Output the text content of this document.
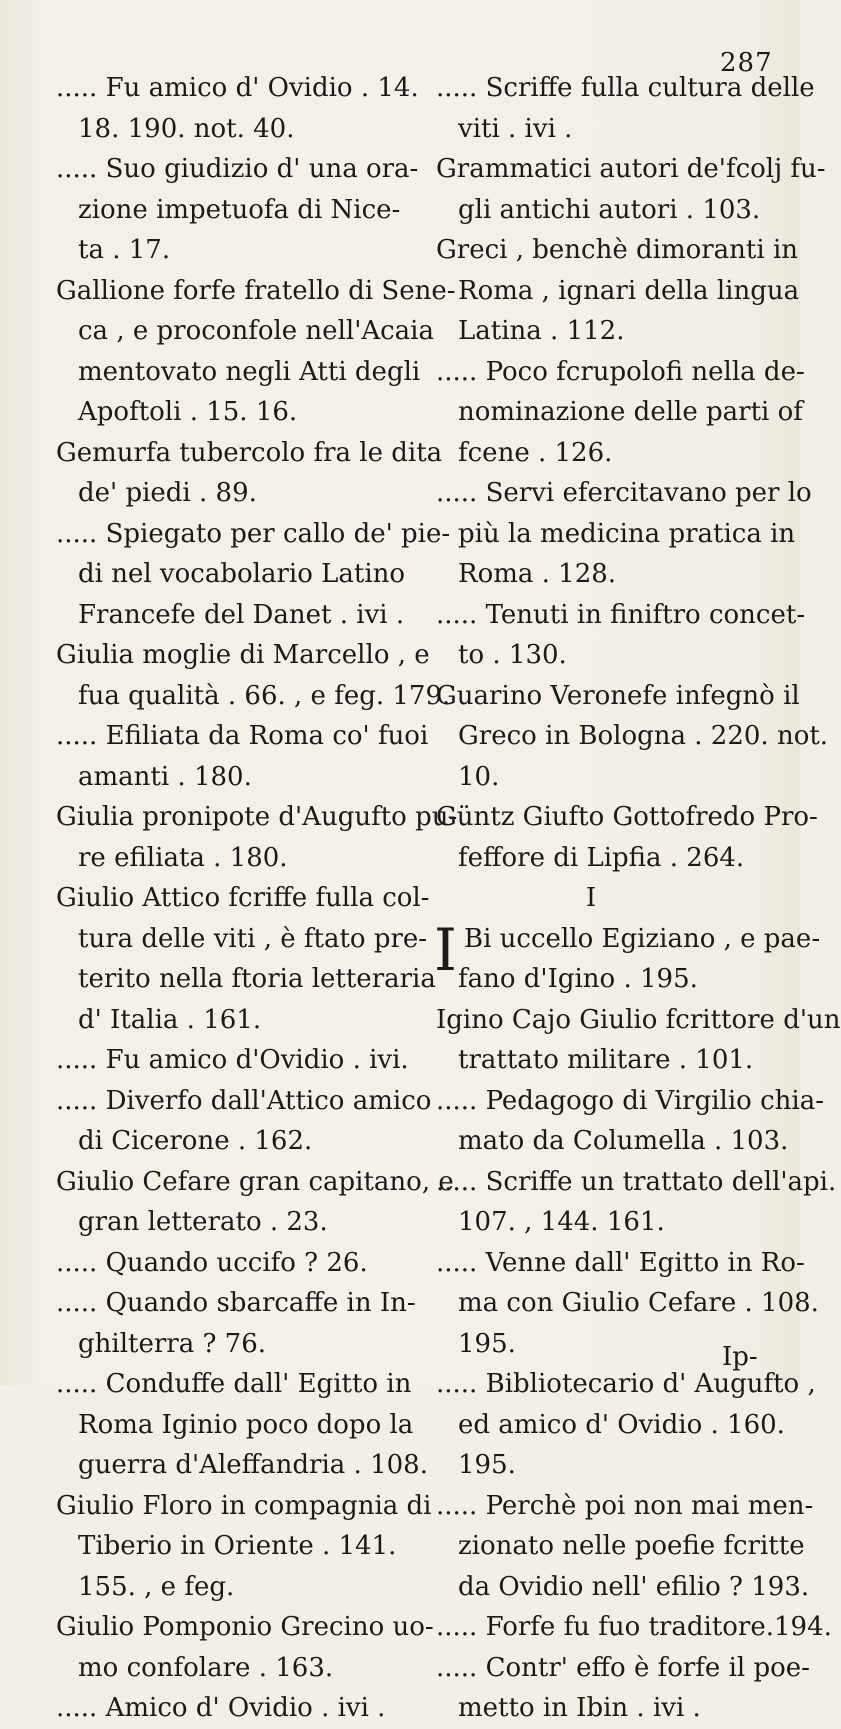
287
..... Fu amico d' Ovidio . 14.
18. 190. not. 40.
..... Suo giudizio d' una ora-
zione impetuofa di Nice-
ta . 17.
Gallione forfe fratello di Sene-
ca , e proconfole nell'Acaia
mentovato negli Atti degli
Apoftoli . 15. 16.
Gemurfa tubercolo fra le dita
de' piedi . 89.
..... Spiegato per callo de' pie-
di nel vocabolario Latino
Francefe del Danet . ivi .
Giulia moglie di Marcello , e
fua qualità . 66. , e feg. 179.
..... Efiliata da Roma co' fuoi
amanti . 180.
Giulia pronipote d'Augufto pu-
re efiliata . 180.
Giulio Attico fcriffe fulla col-
tura delle viti , è ftato pre-
terito nella ftoria letteraria
d' Italia . 161.
..... Fu amico d'Ovidio . ivi.
..... Diverfo dall'Attico amico
di Cicerone . 162.
Giulio Cefare gran capitano, e
gran letterato . 23.
..... Quando uccifo ? 26.
..... Quando sbarcaffe in In-
ghilterra ? 76.
..... Conduffe dall' Egitto in
Roma Iginio poco dopo la
guerra d'Aleffandria . 108.
Giulio Floro in compagnia di
Tiberio in Oriente . 141.
155. , e feg.
Giulio Pomponio Grecino uo-
mo confolare . 163.
..... Amico d' Ovidio . ivi .
..... Scriffe fulla cultura delle
viti . ivi .
Grammatici autori de'fcolj fu-
gli antichi autori . 103.
Greci , benchè dimoranti in
Roma , ignari della lingua
Latina . 112.
..... Poco fcrupolofi nella de-
nominazione delle parti of
fcene . 126.
..... Servi efercitavano per lo
più la medicina pratica in
Roma . 128.
..... Tenuti in finiftro concet-
to . 130.
Guarino Veronefe infegnò il
Greco in Bologna . 220. not.
10.
Güntz Giufto Gottofredo Pro-
feffore di Lipfia . 264.
I
I Bi uccello Egiziano , e pae-
fano d'Igino . 195.
Igino Cajo Giulio fcrittore d'un
trattato militare . 101.
..... Pedagogo di Virgilio chia-
mato da Columella . 103.
..... Scriffe un trattato dell'api.
107. , 144. 161.
..... Venne dall' Egitto in Ro-
ma con Giulio Cefare . 108.
195.
..... Bibliotecario d' Augufto ,
ed amico d' Ovidio . 160.
195.
..... Perchè poi non mai men-
zionato nelle poefie fcritte
da Ovidio nell' efilio ? 193.
..... Forfe fu fuo traditore.194.
..... Contr' effo è forfe il poe-
metto in Ibin . ivi .
Ip-
